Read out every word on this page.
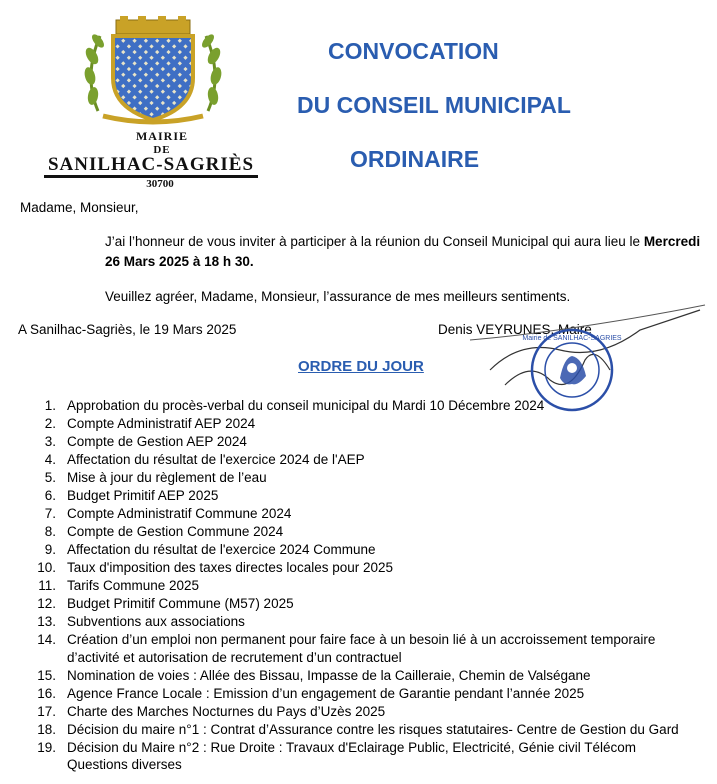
MAIRIE
DE
SANILHAC-SAGRIÈS
30700
CONVOCATION
DU CONSEIL MUNICIPAL
ORDINAIRE
Madame, Monsieur,
J’ai l’honneur de vous inviter à participer à la réunion du Conseil Municipal qui aura lieu le Mercredi
26 Mars 2025 à 18 h 30.
Veuillez agréer, Madame, Monsieur, l’assurance de mes meilleurs sentiments.
A Sanilhac-Sagriès, le 19 Mars 2025	Denis VEYRUNES, Maire
Mairie de SANILHAC-SAGRIES
ORDRE DU JOUR
1. Approbation du procès-verbal du conseil municipal du Mardi 10 Décembre 2024
2. Compte Administratif AEP 2024
3. Compte de Gestion AEP 2024
4. Affectation du résultat de l'exercice 2024 de l'AEP
5. Mise à jour du règlement de l’eau
6. Budget Primitif AEP 2025
7. Compte Administratif Commune 2024
8. Compte de Gestion Commune 2024
9. Affectation du résultat de l'exercice 2024 Commune
10. Taux d'imposition des taxes directes locales pour 2025
11. Tarifs Commune 2025
12. Budget Primitif Commune (M57) 2025
13. Subventions aux associations
14. Création d’un emploi non permanent pour faire face à un besoin lié à un accroissement temporaire d’activité et autorisation de recrutement d’un contractuel
15. Nomination de voies : Allée des Bissau, Impasse de la Cailleraie, Chemin de Valségane
16. Agence France Locale : Emission d’un engagement de Garantie pendant l’année 2025
17. Charte des Marches Nocturnes du Pays d’Uzès 2025
18. Décision du maire n°1 : Contrat d’Assurance contre les risques statutaires- Centre de Gestion du Gard
19. Décision du Maire n°2 : Rue Droite : Travaux d'Eclairage Public, Electricité, Génie civil Télécom
Questions diverses
